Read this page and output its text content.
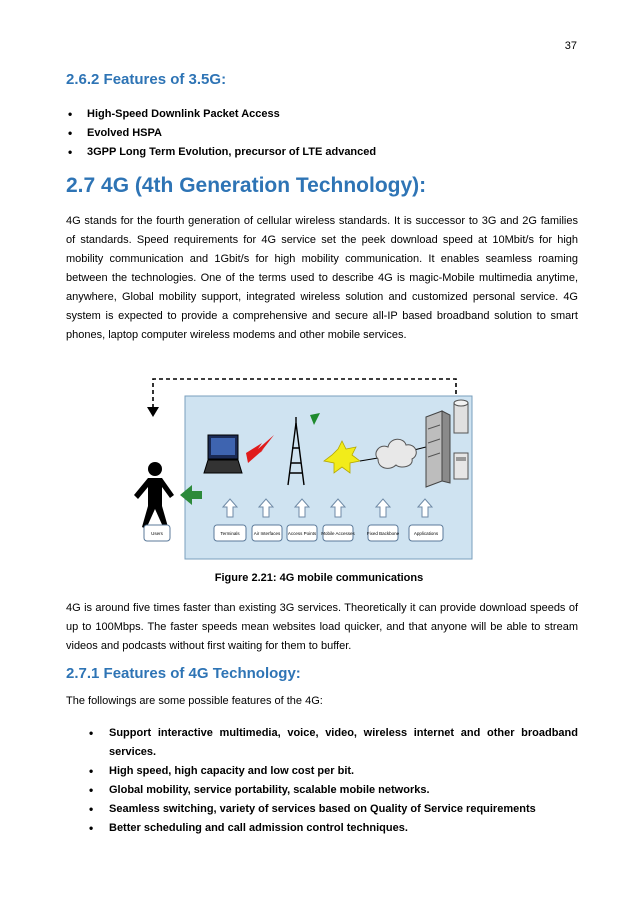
37
2.6.2 Features of 3.5G:
• High-Speed Downlink Packet Access
• Evolved HSPA
• 3GPP Long Term Evolution, precursor of LTE advanced
2.7 4G (4th Generation Technology):
4G stands for the fourth generation of cellular wireless standards. It is successor to 3G and 2G families of standards. Speed requirements for 4G service set the peek download speed at 10Mbit/s for high mobility communication and 1Gbit/s for high mobility communication. It enables seamless roaming between the technologies. One of the terms used to describe 4G is magic-Mobile multimedia anytime, anywhere, Global mobility support, integrated wireless solution and customized personal service. 4G system is expected to provide a comprehensive and secure all-IP based broadband solution to smart phones, laptop computer wireless modems and other mobile services.
Users	Terminals	Air Interfaces Access Points Mobile Accesses	Fixed Backbone	Applications
Figure 2.21: 4G mobile communications
4G is around five times faster than existing 3G services. Theoretically it can provide download speeds of up to 100Mbps. The faster speeds mean websites load quicker, and that anyone will be able to stream videos and podcasts without first waiting for them to buffer.
2.7.1 Features of 4G Technology:
The followings are some possible features of the 4G:
• Support interactive multimedia, voice, video, wireless internet and other broadband services.
• High speed, high capacity and low cost per bit.
• Global mobility, service portability, scalable mobile networks.
• Seamless switching, variety of services based on Quality of Service requirements
• Better scheduling and call admission control techniques.
